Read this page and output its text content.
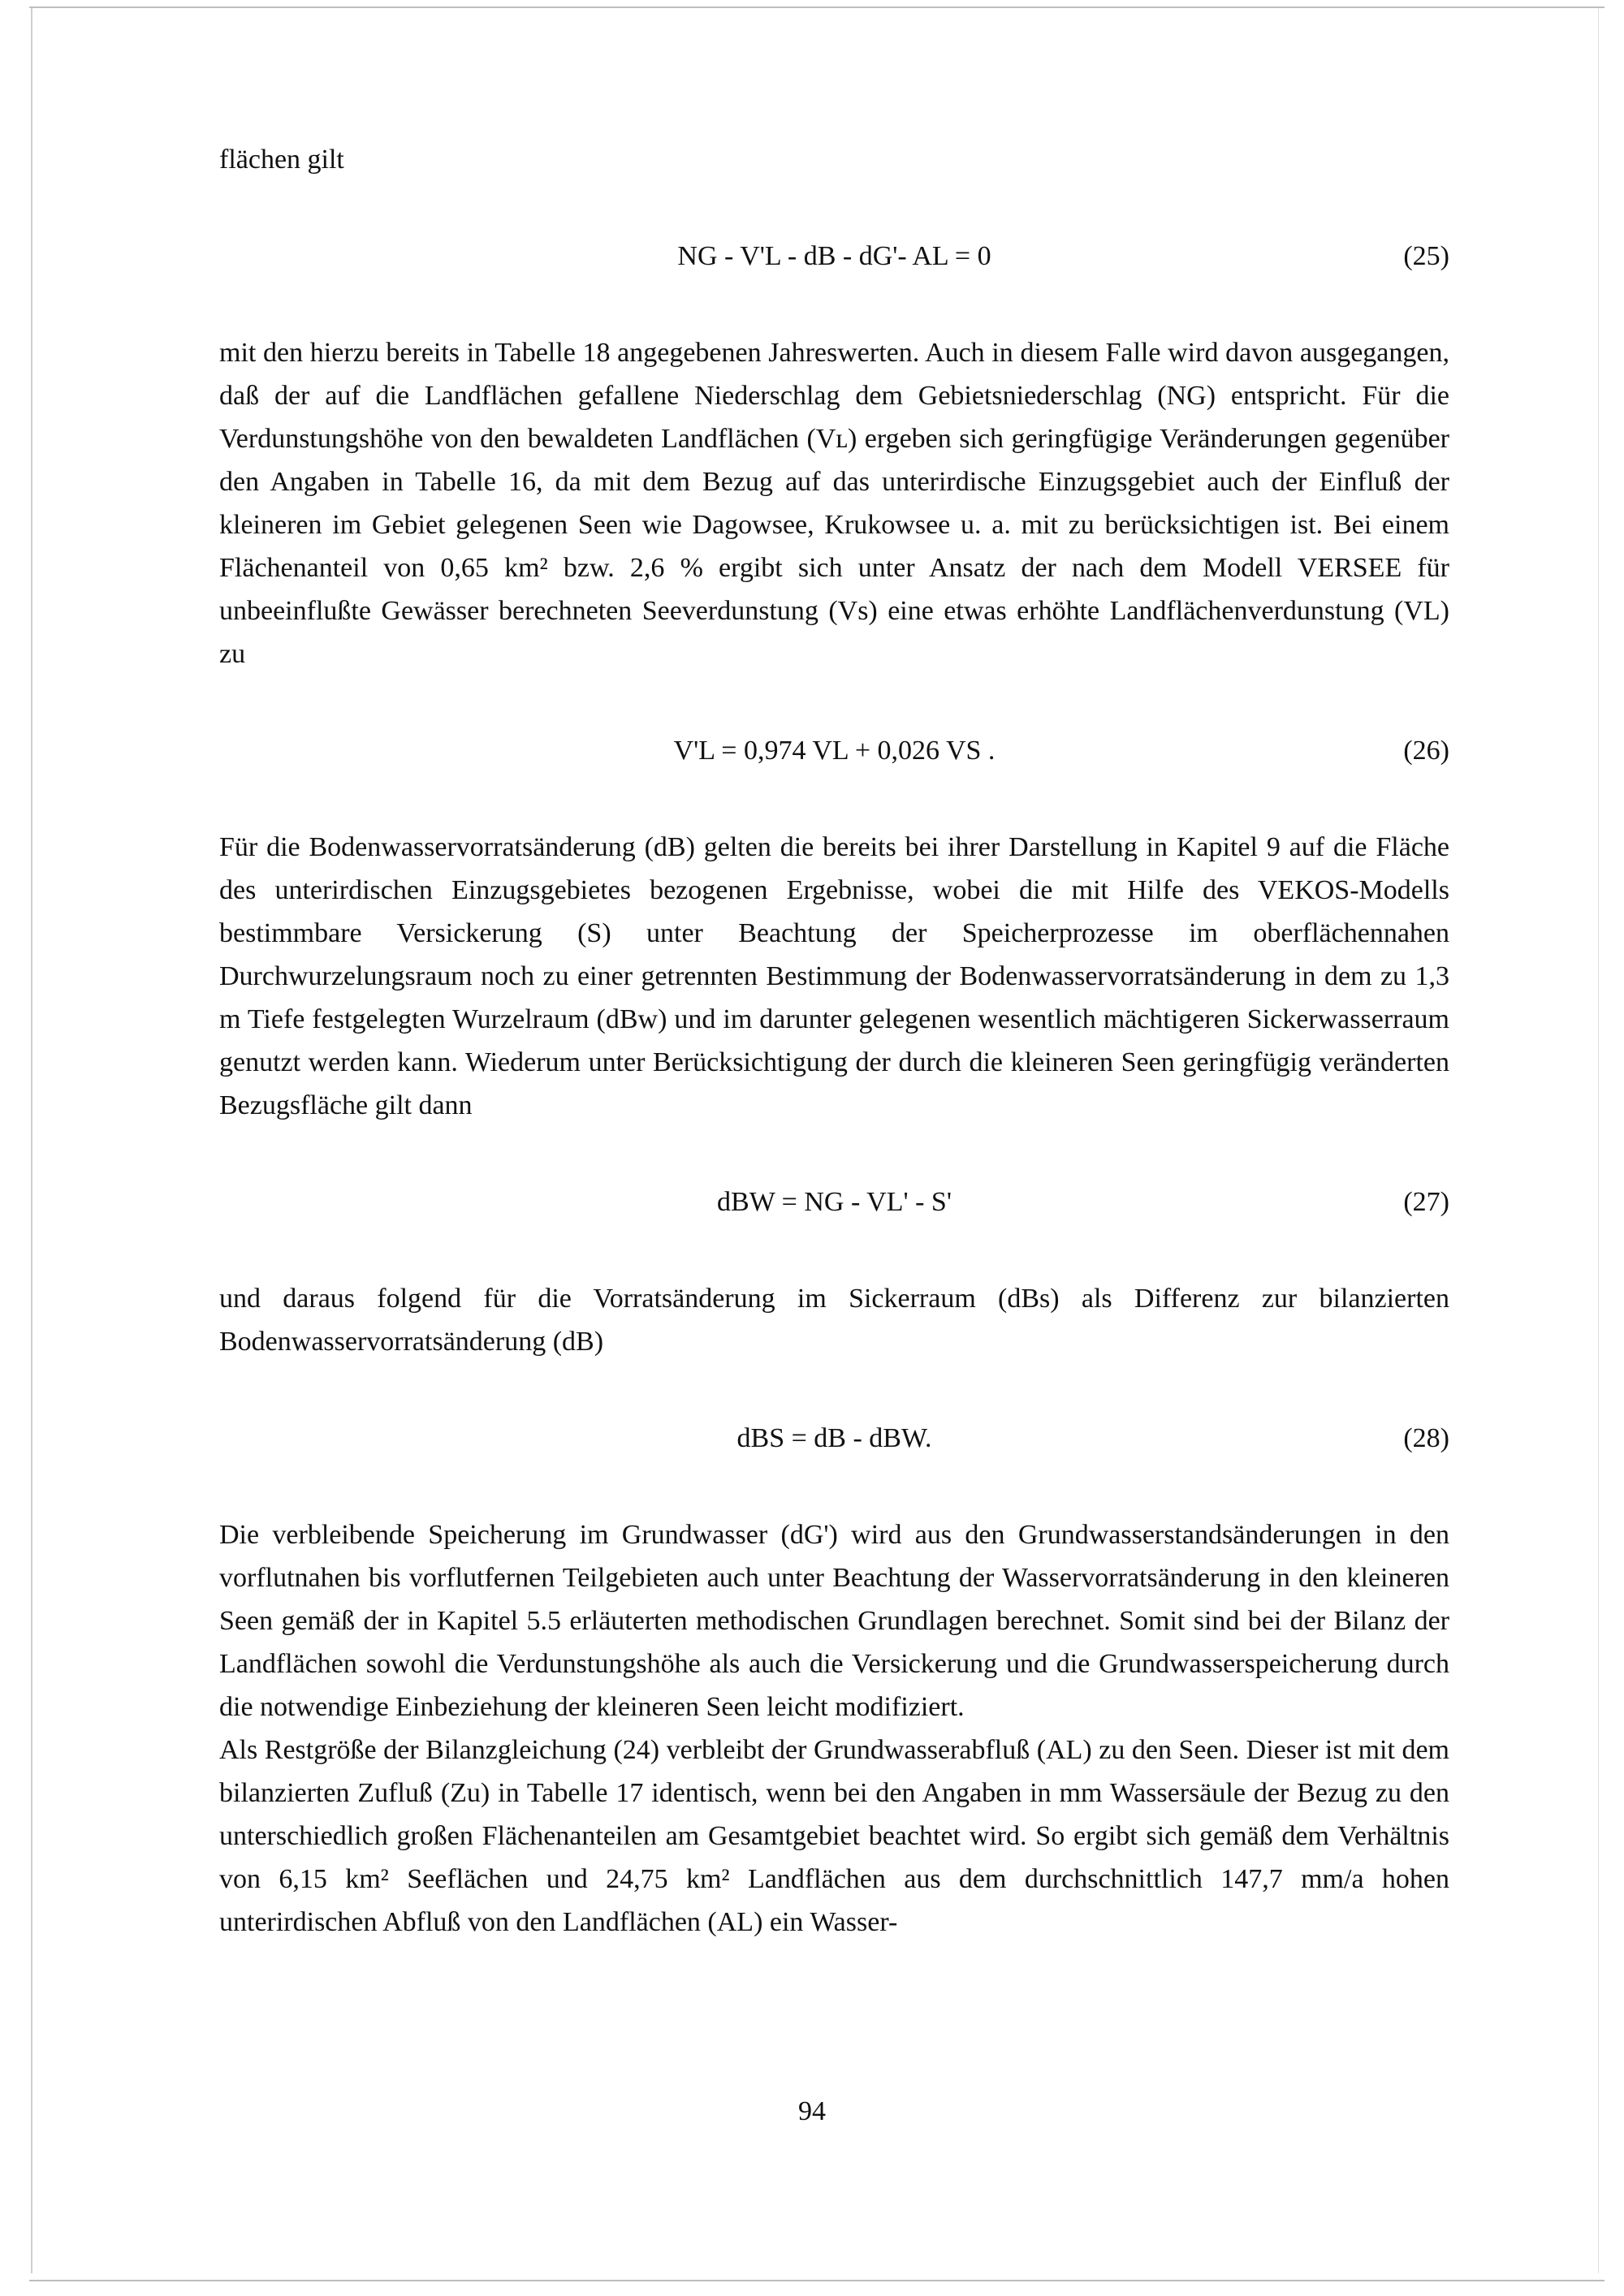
flächen gilt

NG - V'L - dB - dG'- AL = 0	(25)

mit den hierzu bereits in Tabelle 18 angegebenen Jahreswerten. Auch in diesem Falle wird davon ausgegangen, daß der auf die Landflächen gefallene Niederschlag dem Gebietsniederschlag (NG) entspricht. Für die Verdunstungshöhe von den bewaldeten Landflächen (Vʟ) ergeben sich geringfügige Veränderungen gegenüber den Angaben in Tabelle 16, da mit dem Bezug auf das unterirdische Einzugsgebiet auch der Einfluß der kleineren im Gebiet gelegenen Seen wie Dagowsee, Krukowsee u. a. mit zu berücksichtigen ist. Bei einem Flächenanteil von 0,65 km² bzw. 2,6 % ergibt sich unter Ansatz der nach dem Modell VERSEE für unbeeinflußte Gewässer berechneten Seeverdunstung (Vs) eine etwas erhöhte Landflächenverdunstung (VL) zu

V'L = 0,974 VL + 0,026 VS .	(26)

Für die Bodenwasservorratsänderung (dB) gelten die bereits bei ihrer Darstellung in Kapitel 9 auf die Fläche des unterirdischen Einzugsgebietes bezogenen Ergebnisse, wobei die mit Hilfe des VEKOS-Modells bestimmbare Versickerung (S) unter Beachtung der Speicherprozesse im oberflächennahen Durchwurzelungsraum noch zu einer getrennten Bestimmung der Bodenwasservorratsänderung in dem zu 1,3 m Tiefe festgelegten Wurzelraum (dBw) und im darunter gelegenen wesentlich mächtigeren Sickerwasserraum genutzt werden kann. Wiederum unter Berücksichtigung der durch die kleineren Seen geringfügig veränderten Bezugsfläche gilt dann

dBW = NG - VL' - S'	(27)

und daraus folgend für die Vorratsänderung im Sickerraum (dBs) als Differenz zur bilanzierten Bodenwasservorratsänderung (dB)

dBS = dB - dBW.	(28)

Die verbleibende Speicherung im Grundwasser (dG') wird aus den Grundwasserstandsänderungen in den vorflutnahen bis vorflutfernen Teilgebieten auch unter Beachtung der Wasservorratsänderung in den kleineren Seen gemäß der in Kapitel 5.5 erläuterten methodischen Grundlagen berechnet. Somit sind bei der Bilanz der Landflächen sowohl die Verdunstungshöhe als auch die Versickerung und die Grundwasserspeicherung durch die notwendige Einbeziehung der kleineren Seen leicht modifiziert.

Als Restgröße der Bilanzgleichung (24) verbleibt der Grundwasserabfluß (AL) zu den Seen. Dieser ist mit dem bilanzierten Zufluß (Zu) in Tabelle 17 identisch, wenn bei den Angaben in mm Wassersäule der Bezug zu den unterschiedlich großen Flächenanteilen am Gesamtgebiet beachtet wird. So ergibt sich gemäß dem Verhältnis von 6,15 km² Seeflächen und 24,75 km² Landflächen aus dem durchschnittlich 147,7 mm/a hohen unterirdischen Abfluß von den Landflächen (AL) ein Wasser-

94
